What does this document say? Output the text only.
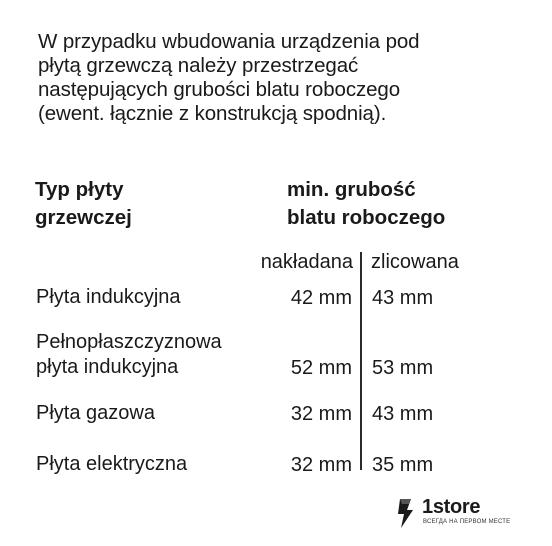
W przypadku wbudowania urządzenia pod
płytą grzewczą należy przestrzegać
następujących grubości blatu roboczego
(ewent. łącznie z konstrukcją spodnią).
Typ płyty
grzewczej
min. grubość
blatu roboczego
nakładana zlicowana
Płyta indukcyjna	42 mm 43 mm
Pełnopłaszczyznowa
płyta indukcyjna	52 mm 53 mm
Płyta gazowa	32 mm 43 mm
Płyta elektryczna	32 mm 35 mm
1store
ВСЕГДА НА ПЕРВОМ МЕСТЕ
